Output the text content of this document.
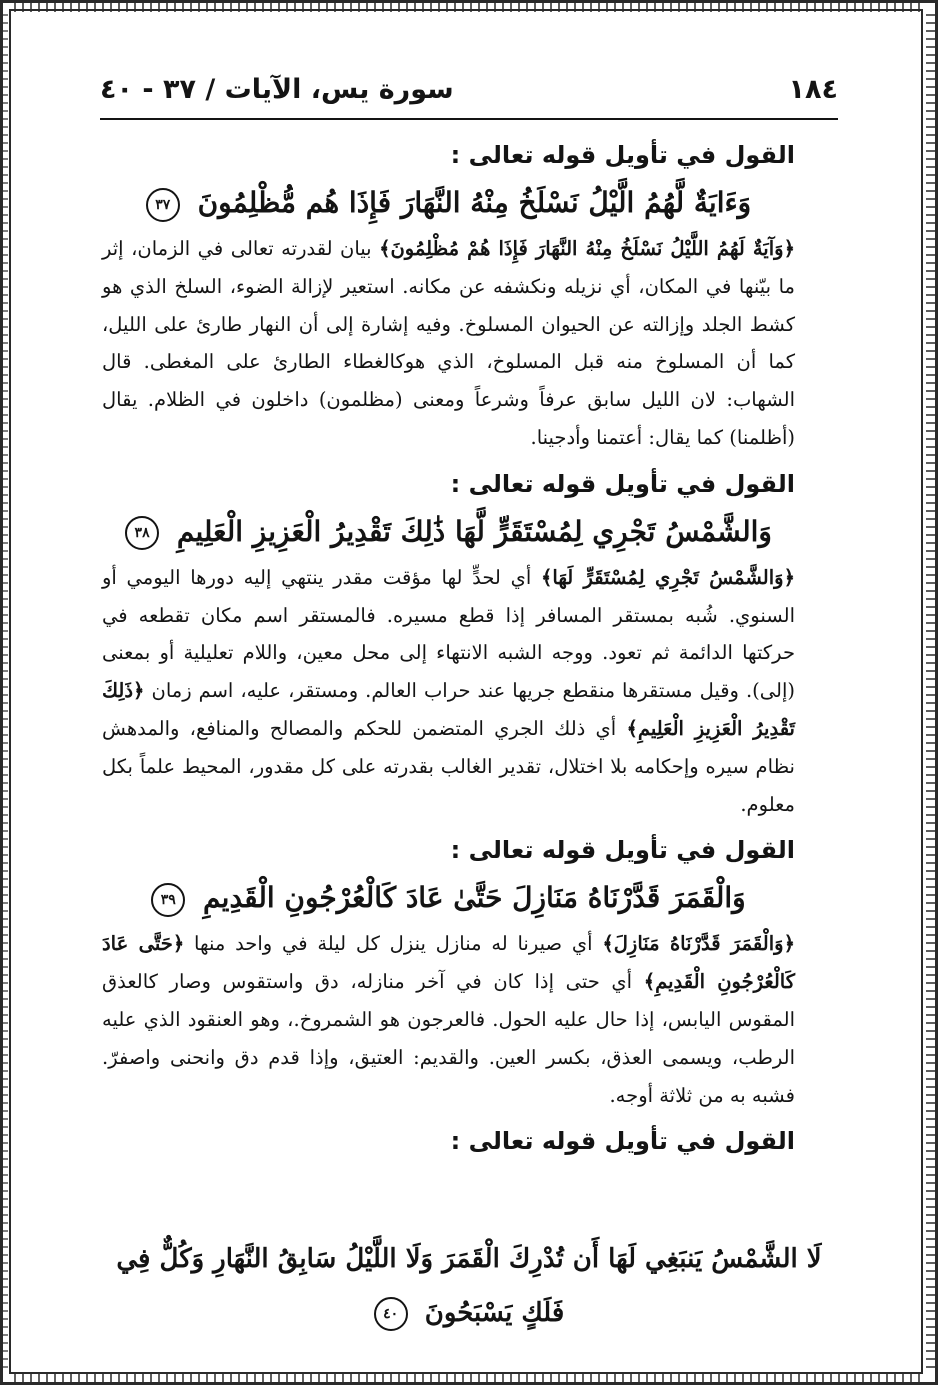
١٨٤
سورة يس، الآيات / ٣٧ - ٤٠
القول في تأويل قوله تعالى :
وَءَايَةٌ لَّهُمُ الَّيْلُ نَسْلَخُ مِنْهُ النَّهَارَ فَإِذَا هُم مُّظْلِمُونَ ٣٧

﴿وَآيَةٌ لَهُمُ اللَّيْلُ نَسْلَخُ مِنْهُ النَّهَارَ فَإِذَا هُمْ مُظْلِمُونَ﴾ بيان لقدرته تعالى في الزمان، إثر ما بيّنها في المكان، أي نزيله ونكشفه عن مكانه. استعير لإزالة الضوء، السلخ الذي هو كشط الجلد وإزالته عن الحيوان المسلوخ. وفيه إشارة إلى أن النهار طارئ على الليل، كما أن المسلوخ منه قبل المسلوخ، الذي هوكالغطاء الطارئ على المغطى. قال الشهاب: لان الليل سابق عرفاً وشرعاً ومعنى (مظلمون) داخلون في الظلام. يقال (أظلمنا) كما يقال: أعتمنا وأدجينا.

القول في تأويل قوله تعالى :
وَالشَّمْسُ تَجْرِي لِمُسْتَقَرٍّ لَّهَا ذَٰلِكَ تَقْدِيرُ الْعَزِيزِ الْعَلِيمِ ٣٨

﴿وَالشَّمْسُ تَجْرِي لِمُسْتَقَرٍّ لَهَا﴾ أي لحدٍّ لها مؤقت مقدر ينتهي إليه دورها اليومي أو السنوي. شُبه بمستقر المسافر إذا قطع مسيره. فالمستقر اسم مكان تقطعه في حركتها الدائمة ثم تعود. ووجه الشبه الانتهاء إلى محل معين، واللام تعليلية أو بمعنى (إلى). وقيل مستقرها منقطع جريها عند حراب العالم. ومستقر، عليه، اسم زمان ﴿ذَلِكَ تَقْدِيرُ الْعَزِيزِ الْعَلِيمِ﴾ أي ذلك الجري المتضمن للحكم والمصالح والمنافع، والمدهش نظام سيره وإحكامه بلا اختلال، تقدير الغالب بقدرته على كل مقدور، المحيط علماً بكل معلوم.

القول في تأويل قوله تعالى :
وَالْقَمَرَ قَدَّرْنَاهُ مَنَازِلَ حَتَّىٰ عَادَ كَالْعُرْجُونِ الْقَدِيمِ ٣٩

﴿وَالْقَمَرَ قَدَّرْنَاهُ مَنَازِلَ﴾ أي صيرنا له منازل ينزل كل ليلة في واحد منها ﴿حَتَّى عَادَ كَالْعُرْجُونِ الْقَدِيمِ﴾ أي حتى إذا كان في آخر منازله، دق واستقوس وصار كالعذق المقوس اليابس، إذا حال عليه الحول. فالعرجون هو الشمروخ.، وهو العنقود الذي عليه الرطب، ويسمى العذق، بكسر العين. والقديم: العتيق، وإذا قدم دق وانحنى واصفرّ. فشبه به من ثلاثة أوجه.

القول في تأويل قوله تعالى :
لَا الشَّمْسُ يَنبَغِي لَهَا أَن تُدْرِكَ الْقَمَرَ وَلَا اللَّيْلُ سَابِقُ النَّهَارِ وَكُلٌّ فِي فَلَكٍ يَسْبَحُونَ ٤٠
